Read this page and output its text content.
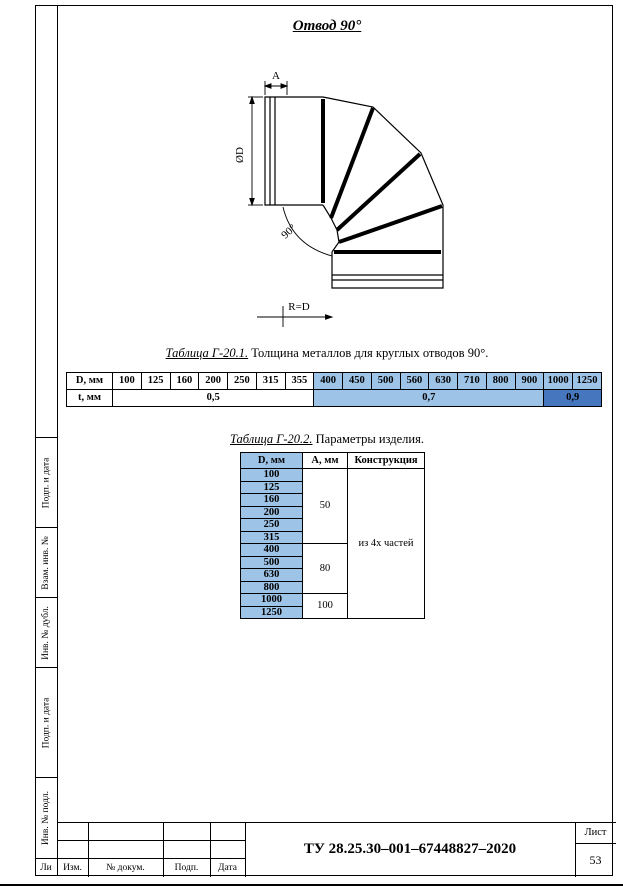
Отвод 90°
A
ØD
90°
R=D
Таблица Г-20.1. Толщина металлов для круглых отводов 90°.
D, мм	100	125	160	200	250	315	355	400	450	500	560	630	710	800	900	1000	1250
t, мм	0,5							0,7								0,9	
Таблица Г-20.2. Параметры изделия.
D, мм	А, мм	Конструкция
100	50	из 4х частей
125		
160		
200		
250		
315		
400	80	
500		
630		
800		
1000	100	
1250		
Подп. и дата
Взам. инв. №
Инв. № дубл.
Подп. и дата
Инв. № подл.
Ли	Изм.	№ докум.	Подп.	Дата
ТУ 28.25.30–001–67448827–2020
Лист
53
